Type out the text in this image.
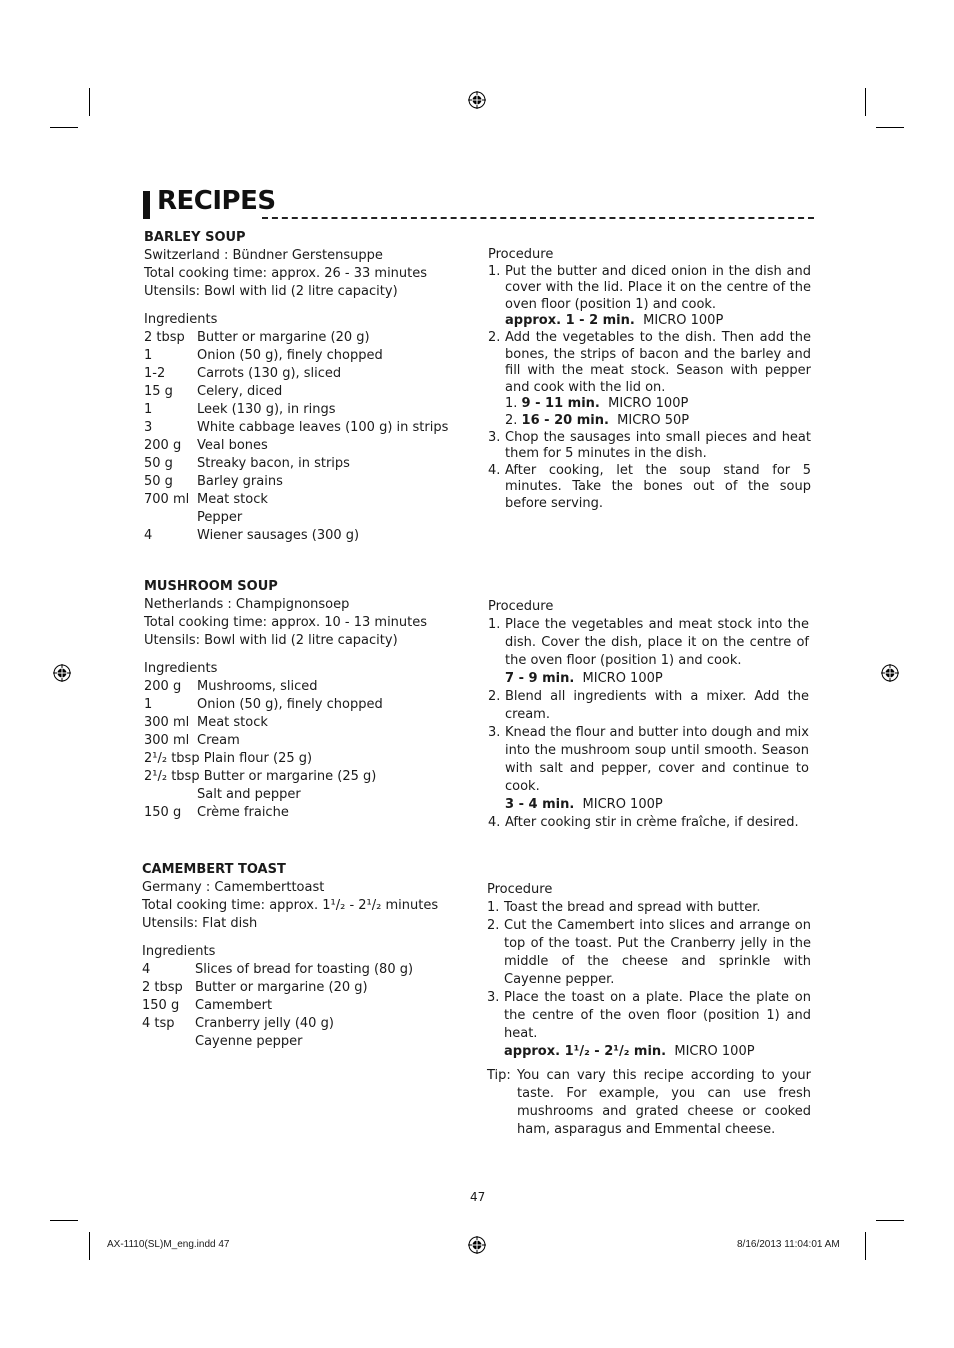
RECIPES
BARLEY SOUP
Switzerland : Bündner Gerstensuppe
Total cooking time: approx. 26 - 33 minutes
Utensils: Bowl with lid (2 litre capacity)
Ingredients
2 tbsp Butter or margarine (20 g)
1	Onion (50 g), finely chopped
1-2 Carrots (130 g), sliced
15 g Celery, diced
1	Leek (130 g), in rings
3	White cabbage leaves (100 g) in strips
200 g Veal bones
50 g Streaky bacon, in strips
50 g Barley grains
700 ml Meat stock
Pepper
4	Wiener sausages (300 g)
Procedure
1. Put the butter and diced onion in the dish and cover with the lid. Place it on the centre of the oven floor (position 1) and cook.
approx. 1 - 2 min. MICRO 100P
2. Add the vegetables to the dish. Then add the bones, the strips of bacon and the barley and fill with the meat stock. Season with pepper and cook with the lid on.
1. 9 - 11 min. MICRO 100P
2. 16 - 20 min. MICRO 50P
3. Chop the sausages into small pieces and heat them for 5 minutes in the dish.
4. After cooking, let the soup stand for 5 minutes. Take the bones out of the soup before serving.
MUSHROOM SOUP
Netherlands : Champignonsoep
Total cooking time: approx. 10 - 13 minutes
Utensils: Bowl with lid (2 litre capacity)
Ingredients
200 g Mushrooms, sliced
1	Onion (50 g), finely chopped
300 ml Meat stock
300 ml Cream
2¹/₂ tbsp Plain flour (25 g)
2¹/₂ tbsp Butter or margarine (25 g)
Salt and pepper
150 g Crème fraiche
Procedure
1. Place the vegetables and meat stock into the dish. Cover the dish, place it on the centre of the oven floor (position 1) and cook.
7 - 9 min. MICRO 100P
2. Blend all ingredients with a mixer. Add the cream.
3. Knead the flour and butter into dough and mix into the mushroom soup until smooth. Season with salt and pepper, cover and continue to cook.
3 - 4 min. MICRO 100P
4. After cooking stir in crème fraîche, if desired.
CAMEMBERT TOAST
Germany : Camemberttoast
Total cooking time: approx. 1¹/₂ - 2¹/₂ minutes
Utensils: Flat dish
Ingredients
4	Slices of bread for toasting (80 g)
2 tbsp Butter or margarine (20 g)
150 g Camembert
4 tsp Cranberry jelly (40 g)
Cayenne pepper
Procedure
1. Toast the bread and spread with butter.
2. Cut the Camembert into slices and arrange on top of the toast. Put the Cranberry jelly in the middle of the cheese and sprinkle with Cayenne pepper.
3. Place the toast on a plate. Place the plate on the centre of the oven floor (position 1) and heat.
approx. 1¹/₂ - 2¹/₂ min. MICRO 100P
Tip: You can vary this recipe according to your taste. For example, you can use fresh mushrooms and grated cheese or cooked ham, asparagus and Emmental cheese.
47
AX-1110(SL)M_eng.indd 47	8/16/2013 11:04:01 AM
